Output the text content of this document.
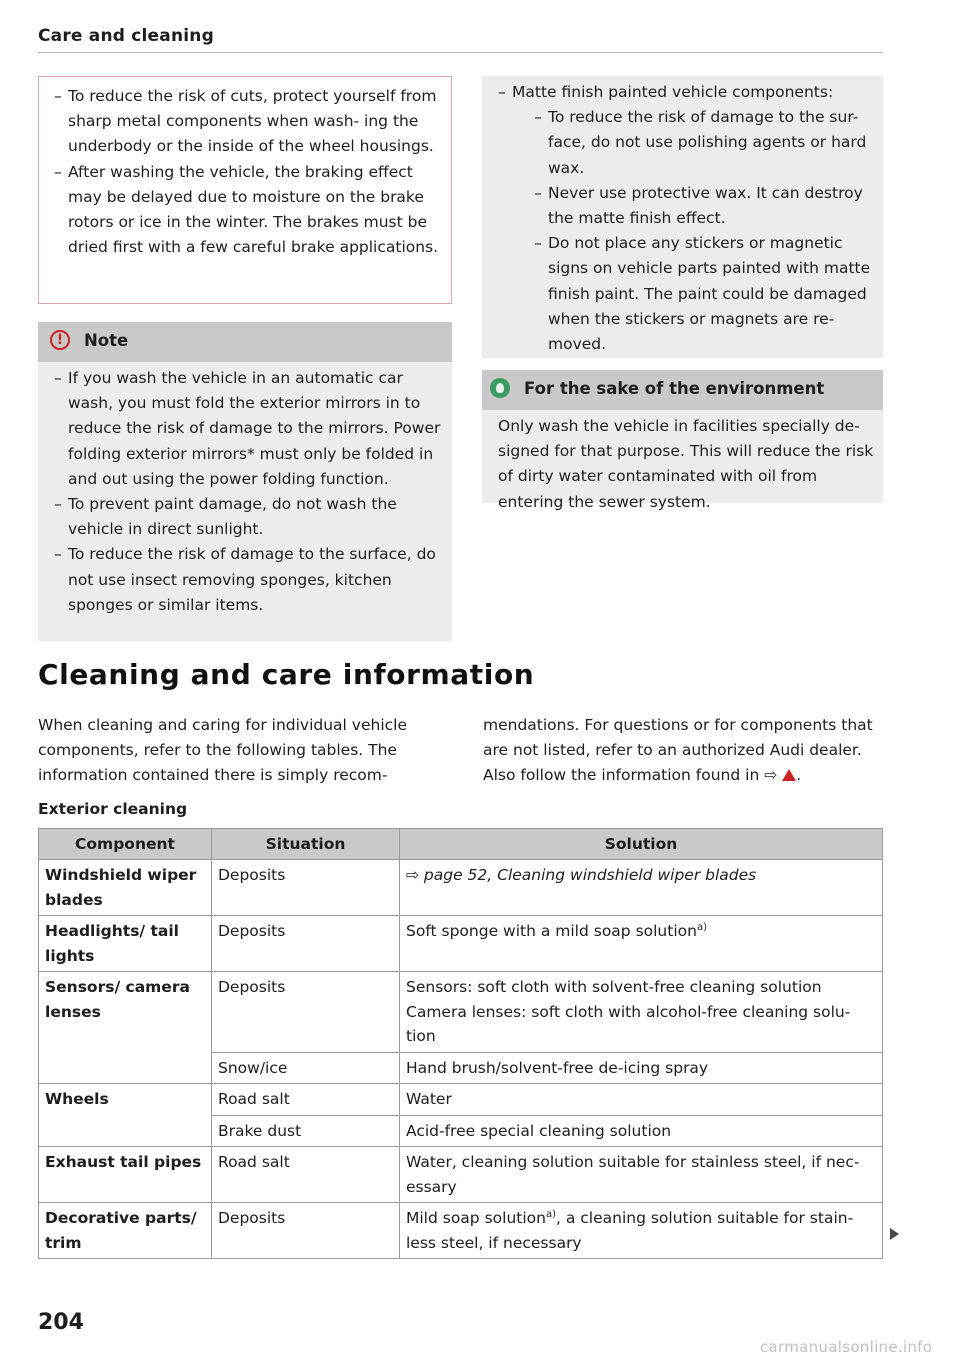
Care and cleaning
– To reduce the risk of cuts, protect yourself from sharp metal components when wash- ing the underbody or the inside of the wheel housings.
– After washing the vehicle, the braking effect may be delayed due to moisture on the brake rotors or ice in the winter. The brakes must be dried first with a few careful brake applications.
!	Note
– If you wash the vehicle in an automatic car wash, you must fold the exterior mirrors in to reduce the risk of damage to the mirrors. Power folding exterior mirrors* must only be folded in and out using the power folding function.
– To prevent paint damage, do not wash the vehicle in direct sunlight.
– To reduce the risk of damage to the surface, do not use insect removing sponges, kitchen sponges or similar items.
– Matte finish painted vehicle components:
– To reduce the risk of damage to the sur- face, do not use polishing agents or hard wax.
– Never use protective wax. It can destroy the matte finish effect.
– Do not place any stickers or magnetic signs on vehicle parts painted with matte finish paint. The paint could be damaged when the stickers or magnets are re- moved.
For the sake of the environment
Only wash the vehicle in facilities specially de- signed for that purpose. This will reduce the risk of dirty water contaminated with oil from entering the sewer system.
Cleaning and care information
When cleaning and caring for individual vehicle components, refer to the following tables. The information contained there is simply recom-
mendations. For questions or for components that are not listed, refer to an authorized Audi dealer. Also follow the information found in ⇨ .
Exterior cleaning
Component	Situation	Solution
Windshield wiper blades	Deposits	⇨ page 52, Cleaning windshield wiper blades
Headlights/ tail lights	Deposits	Soft sponge with a mild soap solution$^{a)}$
Sensors/ camera lenses	Deposits	Sensors: soft cloth with solvent-free cleaning solution
Camera lenses: soft cloth with alcohol-free cleaning solu- tion

	Snow/ice	Hand brush/solvent-free de-icing spray
Wheels	Road salt	Water
	Brake dust	Acid-free special cleaning solution
Exhaust tail pipes	Road salt	Water, cleaning solution suitable for stainless steel, if nec- essary
Decorative parts/ trim	Deposits	Mild soap solution$^{a)}$, a cleaning solution suitable for stain- less steel, if necessary
204
carmanualsonline.info
